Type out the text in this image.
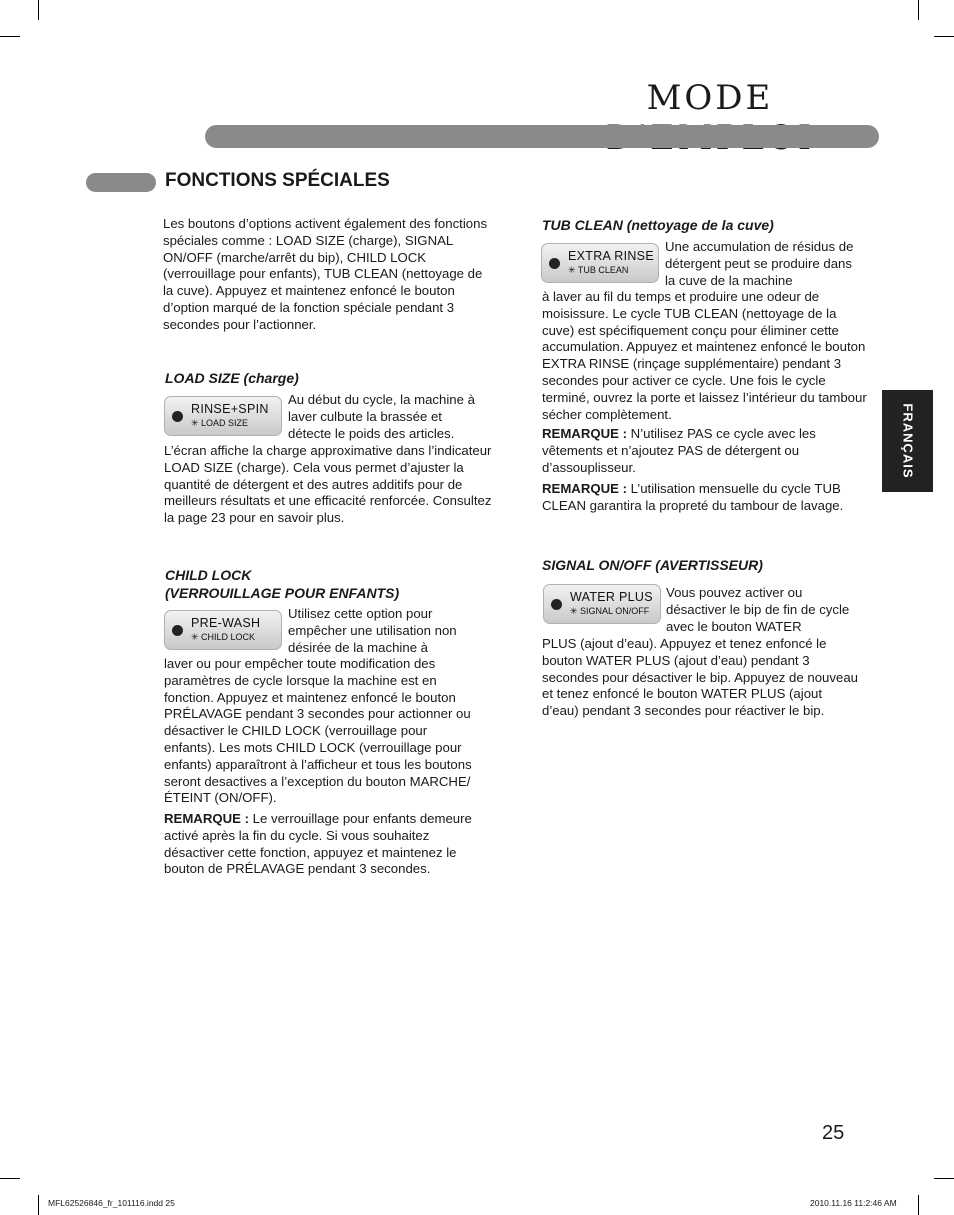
MODE
FONCTIONS SPÉCIALES
Les boutons d’options activent également des fonctions spéciales comme : LOAD SIZE (charge), SIGNAL ON/OFF (marche/arrêt du bip), CHILD LOCK (verrouillage pour enfants), TUB CLEAN (nettoyage de la cuve). Appuyez et maintenez enfoncé le bouton d’option marqué de la fonction spéciale pendant 3 secondes pour l’actionner.
LOAD SIZE (charge)
RINSE+SPIN
✳ LOAD SIZE
Au début du cycle, la machine à laver culbute la brassée et détecte le poids des articles.
L’écran affiche la charge approximative dans l’indicateur LOAD SIZE (charge). Cela vous permet d’ajuster la quantité de détergent et des autres additifs pour de meilleurs résultats et une efficacité renforcée. Consultez la page 23 pour en savoir plus.
CHILD LOCK
(VERROUILLAGE POUR ENFANTS)
PRE-WASH
✳ CHILD LOCK
Utilisez cette option pour empêcher une utilisation non désirée de la machine à
laver ou pour empêcher toute modification des paramètres de cycle lorsque la machine est en fonction. Appuyez et maintenez enfoncé le bouton PRÉLAVAGE pendant 3 secondes pour actionner ou désactiver le CHILD LOCK (verrouillage pour enfants). Les mots CHILD LOCK (verrouillage pour enfants) apparaîtront à l’afficheur et tous les boutons seront desactives a l’exception du bouton MARCHE/ÉTEINT (ON/OFF).
REMARQUE : Le verrouillage pour enfants demeure activé après la fin du cycle. Si vous souhaitez désactiver cette fonction, appuyez et maintenez le bouton de PRÉLAVAGE pendant 3 secondes.
TUB CLEAN (nettoyage de la cuve)
EXTRA RINSE
✳ TUB CLEAN
Une accumulation de résidus de détergent peut se produire dans la cuve de la machine
à laver au fil du temps et produire une odeur de moisissure. Le cycle TUB CLEAN (nettoyage de la cuve) est spécifiquement conçu pour éliminer cette accumulation. Appuyez et maintenez enfoncé le bouton EXTRA RINSE (rinçage supplémentaire) pendant 3 secondes pour activer ce cycle. Une fois le cycle terminé, ouvrez la porte et laissez l’intérieur du tambour sécher complètement.
REMARQUE : N’utilisez PAS ce cycle avec les vêtements et n’ajoutez PAS de détergent ou d’assouplisseur.
REMARQUE : L’utilisation mensuelle du cycle TUB CLEAN garantira la propreté du tambour de lavage.
SIGNAL ON/OFF (AVERTISSEUR)
WATER PLUS
✳ SIGNAL ON/OFF
Vous pouvez activer ou désactiver le bip de fin de cycle avec le bouton WATER
PLUS (ajout d’eau). Appuyez et tenez enfoncé le bouton WATER PLUS (ajout d’eau) pendant 3 secondes pour désactiver le bip. Appuyez de nouveau et tenez enfoncé le bouton WATER PLUS (ajout d’eau) pendant 3 secondes pour réactiver le bip.
FRANÇAIS
25
MFL62526846_fr_101116.indd 25	2010.11.16 11:2:46 AM
